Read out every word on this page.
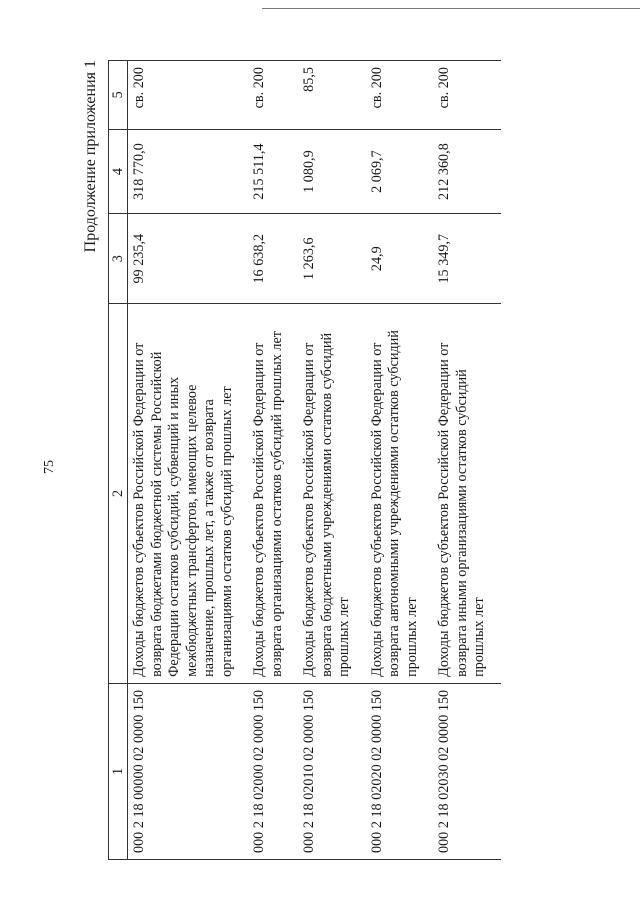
75
Продолжение приложения 1
1	2	3	4	5
000 2 18 00000 02 0000 150	Доходы бюджетов субъектов Российской Федерации от возврата бюджетами бюджетной системы Российской Федерации остатков субсидий, субвенций и иных межбюджетных трансфертов, имеющих целевое назначение, прошлых лет, а также от возврата организациями остатков субсидий прошлых лет	99 235,4	318 770,0	св. 200
000 2 18 02000 02 0000 150	Доходы бюджетов субъектов Российской Федерации от возврата организациями остатков субсидий прошлых лет	16 638,2	215 511,4	св. 200
000 2 18 02010 02 0000 150	Доходы бюджетов субъектов Российской Федерации от возврата бюджетными учреждениями остатков субсидий прошлых лет	1 263,6	1 080,9	85,5
000 2 18 02020 02 0000 150	Доходы бюджетов субъектов Российской Федерации от возврата автономными учреждениями остатков субсидий прошлых лет	24,9	2 069,7	св. 200
000 2 18 02030 02 0000 150	Доходы бюджетов субъектов Российской Федерации от возврата иными организациями остатков субсидий прошлых лет	15 349,7	212 360,8	св. 200
